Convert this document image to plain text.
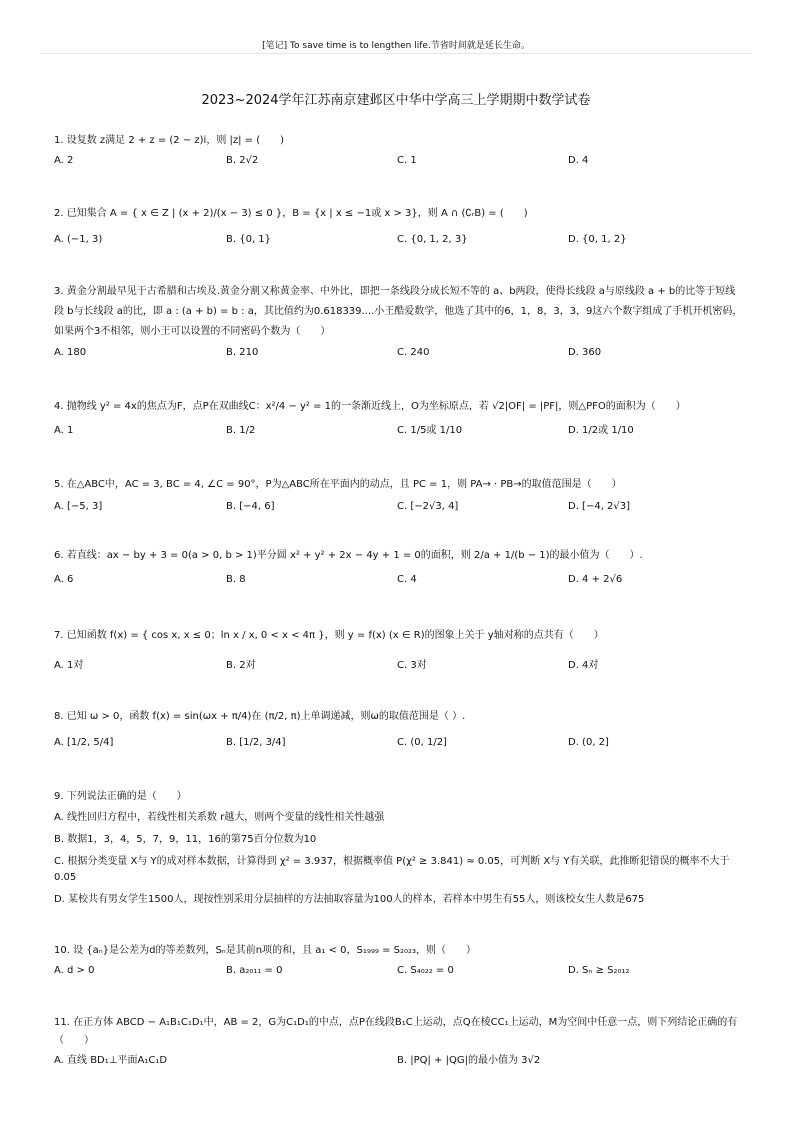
[笔记] To save time is to lengthen life.节省时间就是延长生命。
2023~2024学年江苏南京建邺区中华中学高三上学期期中数学试卷
1. 设复数 z满足 2 + z = (2 − z)i，则 |z| = (　　)
A. 2	B. 2√2	C. 1	D. 4
2. 已知集合 A = { x ∈ Z | (x + 2)/(x − 3) ≤ 0 }，B = {x | x ≤ −1或 x > 3}，则 A ∩ (∁ᵣB) = (　　)
A. (−1, 3)	B. {0, 1}	C. {0, 1, 2, 3}	D. {0, 1, 2}
3. 黄金分割最早见于古希腊和古埃及.黄金分割又称黄金率、中外比，即把一条线段分成长短不等的 a、b两段，使得长线段 a与原线段 a + b的比等于短线段 b与长线段 a的比，即 a : (a + b) = b : a，其比值约为0.618339....小王酷爱数学，他选了其中的6，1，8，3，3，9这六个数字组成了手机开机密码，如果两个3不相邻，则小王可以设置的不同密码个数为（　　）
A. 180	B. 210	C. 240	D. 360
4. 抛物线 y² = 4x的焦点为F，点P在双曲线C：x²/4 − y² = 1的一条渐近线上，O为坐标原点，若 √2|OF| = |PF|，则△PFO的面积为（　　）
A. 1	B. 1/2	C. 1/5或 1/10	D. 1/2或 1/10
5. 在△ABC中，AC = 3, BC = 4, ∠C = 90°，P为△ABC所在平面内的动点，且 PC = 1，则 PA→ · PB→的取值范围是（　　）
A. [−5, 3]	B. [−4, 6]	C. [−2√3, 4]	D. [−4, 2√3]
6. 若直线：ax − by + 3 = 0(a > 0, b > 1)平分圆 x² + y² + 2x − 4y + 1 = 0的面积，则 2/a + 1/(b − 1)的最小值为（　　）.
A. 6	B. 8	C. 4	D. 4 + 2√6
7. 已知函数 f(x) = { cos x, x ≤ 0；ln x / x, 0 < x < 4π }，则 y = f(x) (x ∈ R)的图象上关于 y轴对称的点共有（　　）
A. 1对	B. 2对	C. 3对	D. 4对
8. 已知 ω > 0，函数 f(x) = sin(ωx + π/4)在 (π/2, π)上单调递减，则ω的取值范围是（ ）.
A. [1/2, 5/4]	B. [1/2, 3/4]	C. (0, 1/2]	D. (0, 2]
9. 下列说法正确的是（　　）
A. 线性回归方程中，若线性相关系数 r越大，则两个变量的线性相关性越强
B. 数据1，3，4，5，7，9，11，16的第75百分位数为10
C. 根据分类变量 X与 Y的成对样本数据，计算得到 χ² = 3.937，根据概率值 P(χ² ≥ 3.841) ≈ 0.05，可判断 X与 Y有关联，此推断犯错误的概率不大于0.05
D. 某校共有男女学生1500人，现按性别采用分层抽样的方法抽取容量为100人的样本，若样本中男生有55人，则该校女生人数是675
10. 设 {aₙ}是公差为d的等差数列，Sₙ是其前n项的和，且 a₁ < 0，S₁₉₉₉ = S₂₀₂₃，则（　　）
A. d > 0	B. a₂₀₁₁ = 0	C. S₄₀₂₂ = 0	D. Sₙ ≥ S₂₀₁₂
11. 在正方体 ABCD − A₁B₁C₁D₁中，AB = 2，G为C₁D₁的中点，点P在线段B₁C上运动，点Q在棱CC₁上运动，M为空间中任意一点，则下列结论正确的有（　　）
A. 直线 BD₁⊥平面A₁C₁D	B. |PQ| + |QG|的最小值为 3√2
